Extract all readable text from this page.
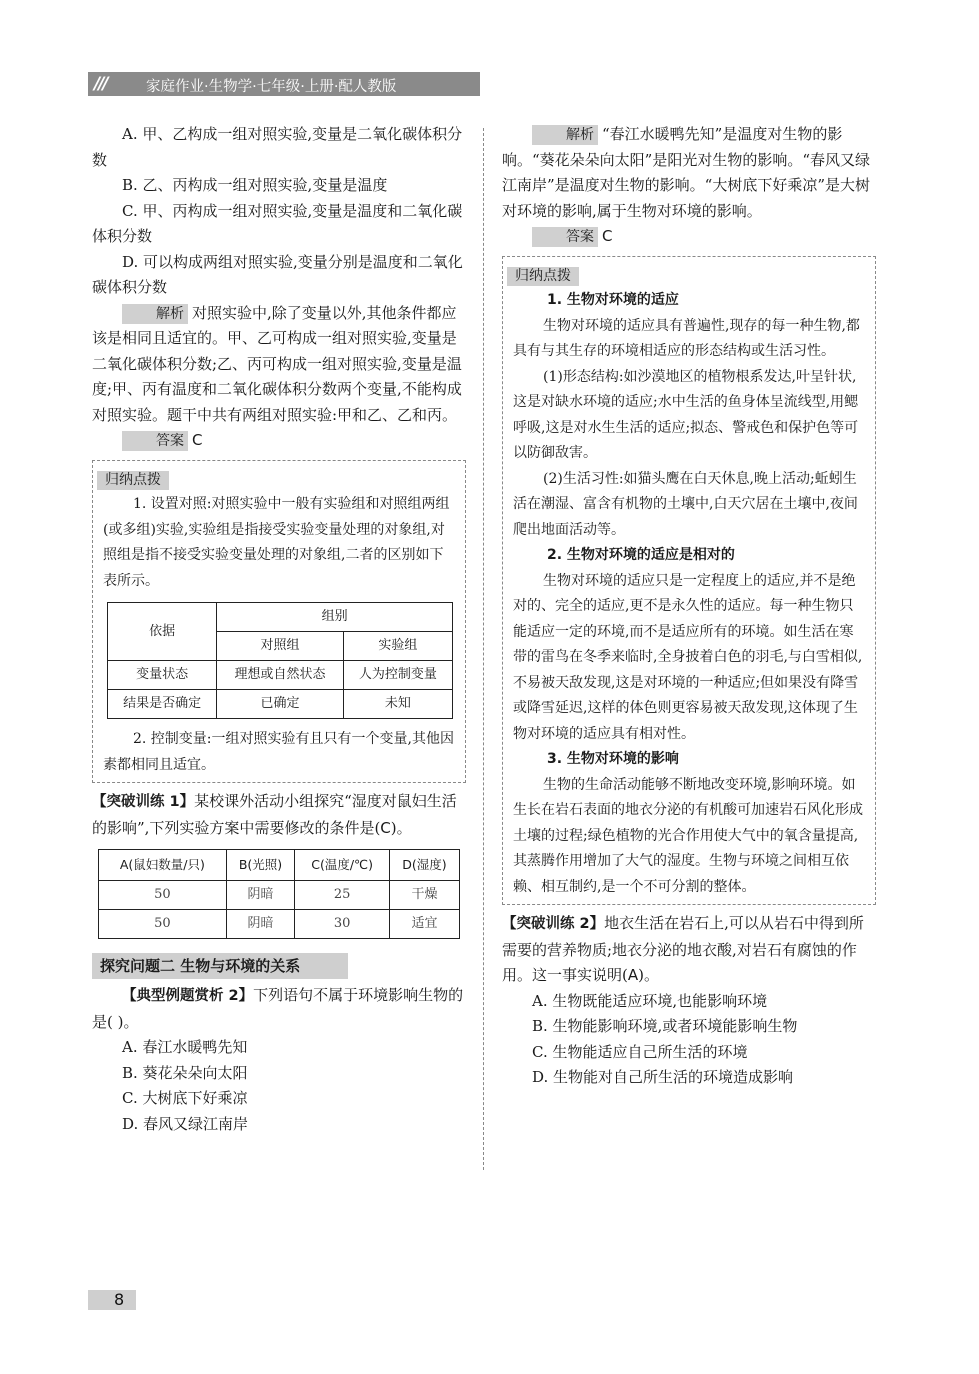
///	家庭作业·生物学·七年级·上册·配人教版

A. 甲、乙构成一组对照实验,变量是二氧化碳体积分数

B. 乙、丙构成一组对照实验,变量是温度

C. 甲、丙构成一组对照实验,变量是温度和二氧化碳体积分数

D. 可以构成两组对照实验,变量分别是温度和二氧化碳体积分数

解析 对照实验中,除了变量以外,其他条件都应该是相同且适宜的。甲、乙可构成一组对照实验,变量是二氧化碳体积分数;乙、丙可构成一组对照实验,变量是温度;甲、丙有温度和二氧化碳体积分数两个变量,不能构成对照实验。题干中共有两组对照实验:甲和乙、乙和丙。

答案 C

归纳点拨

1. 设置对照:对照实验中一般有实验组和对照组两组(或多组)实验,实验组是指接受实验变量处理的对象组,对照组是指不接受实验变量处理的对象组,二者的区别如下表所示。

依据	组别	
	对照组	实验组
变量状态	理想或自然状态	人为控制变量
结果是否确定	已确定	未知

2. 控制变量:一组对照实验有且只有一个变量,其他因素都相同且适宜。

【突破训练 1】某校课外活动小组探究“湿度对鼠妇生活的影响”,下列实验方案中需要修改的条件是(C)。

A(鼠妇数量/只)	B(光照)	C(温度/℃)	D(湿度)
50	阴暗	25	干燥
50	阴暗	30	适宜
探究问题二 生物与环境的关系

【典型例题赏析 2】下列语句不属于环境影响生物的是( )。

A. 春江水暖鸭先知

B. 葵花朵朵向太阳

C. 大树底下好乘凉

D. 春风又绿江南岸

解析 “春江水暖鸭先知”是温度对生物的影响。“葵花朵朵向太阳”是阳光对生物的影响。“春风又绿江南岸”是温度对生物的影响。“大树底下好乘凉”是大树对环境的影响,属于生物对环境的影响。

答案 C

归纳点拨

1. 生物对环境的适应

生物对环境的适应具有普遍性,现存的每一种生物,都具有与其生存的环境相适应的形态结构或生活习性。

(1)形态结构:如沙漠地区的植物根系发达,叶呈针状,这是对缺水环境的适应;水中生活的鱼身体呈流线型,用鳃呼吸,这是对水生生活的适应;拟态、警戒色和保护色等可以防御敌害。

(2)生活习性:如猫头鹰在白天休息,晚上活动;蚯蚓生活在潮湿、富含有机物的土壤中,白天穴居在土壤中,夜间爬出地面活动等。

2. 生物对环境的适应是相对的

生物对环境的适应只是一定程度上的适应,并不是绝对的、完全的适应,更不是永久性的适应。每一种生物只能适应一定的环境,而不是适应所有的环境。如生活在寒带的雷鸟在冬季来临时,全身披着白色的羽毛,与白雪相似,不易被天敌发现,这是对环境的一种适应;但如果没有降雪或降雪延迟,这样的体色则更容易被天敌发现,这体现了生物对环境的适应具有相对性。

3. 生物对环境的影响

生物的生命活动能够不断地改变环境,影响环境。如生长在岩石表面的地衣分泌的有机酸可加速岩石风化形成土壤的过程;绿色植物的光合作用使大气中的氧含量提高,其蒸腾作用增加了大气的湿度。生物与环境之间相互依赖、相互制约,是一个不可分割的整体。

【突破训练 2】地衣生活在岩石上,可以从岩石中得到所需要的营养物质;地衣分泌的地衣酸,对岩石有腐蚀的作用。这一事实说明(A)。

A. 生物既能适应环境,也能影响环境

B. 生物能影响环境,或者环境能影响生物

C. 生物能适应自己所生活的环境

D. 生物能对自己所生活的环境造成影响

8
